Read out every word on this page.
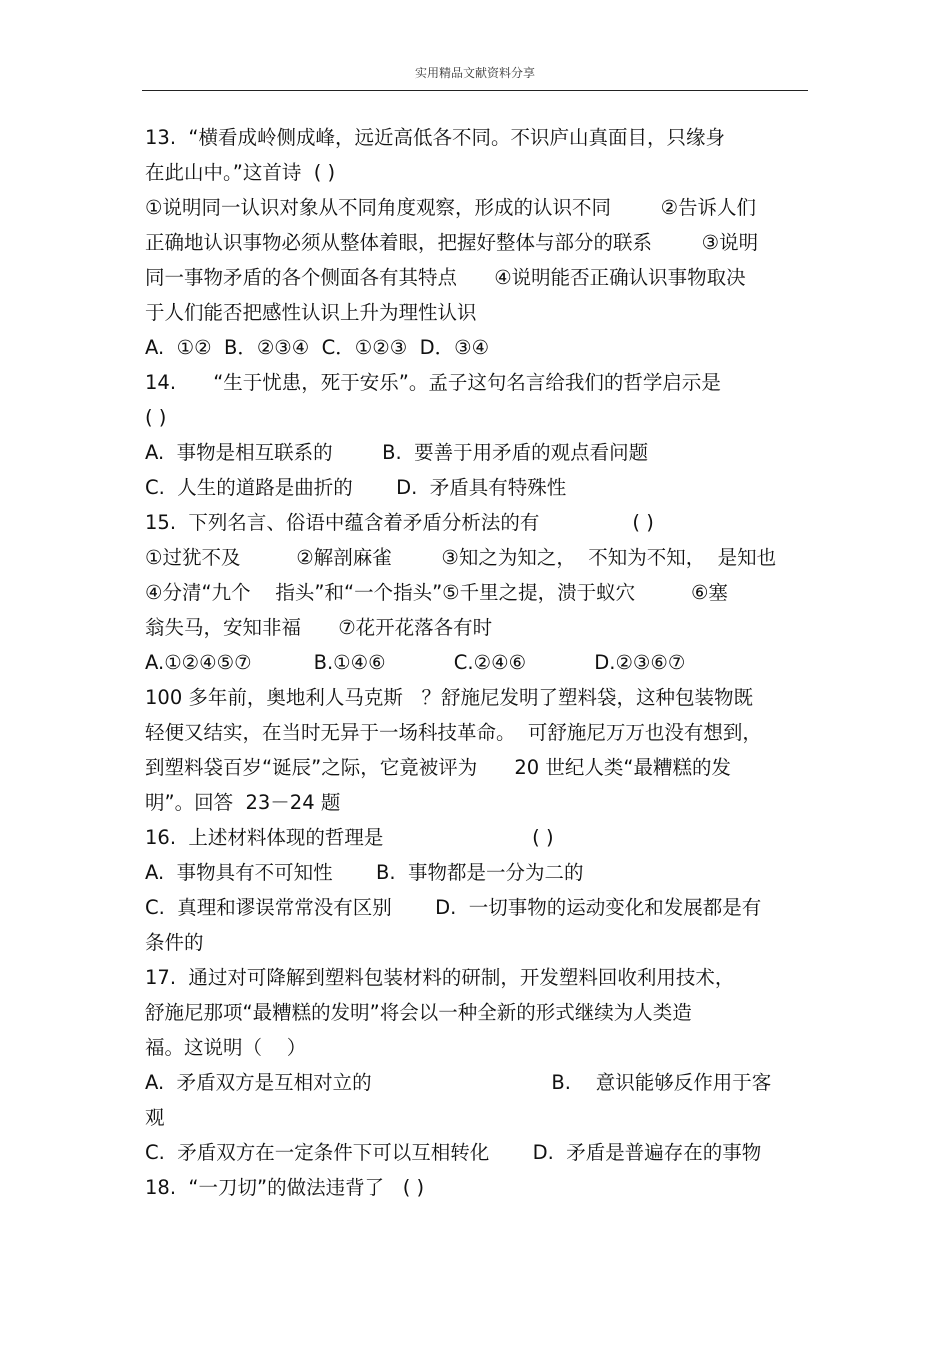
实用精品文献资料分享
13.  “横看成岭侧成峰，远近高低各不同。不识庐山真面目，只缘身
在此山中。”这首诗  ( )
①说明同一认识对象从不同角度观察，形成的认识不同        ②告诉人们
正确地认识事物必须从整体着眼，把握好整体与部分的联系        ③说明
同一事物矛盾的各个侧面各有其特点      ④说明能否正确认识事物取决
于人们能否把感性认识上升为理性认识
A.  ①②  B．②③④  C．①②③  D．③④
14.      “生于忧患，死于安乐”。孟子这句名言给我们的哲学启示是
( )
A.  事物是相互联系的        B.  要善于用矛盾的观点看问题
C.  人生的道路是曲折的       D.  矛盾具有特殊性
15.  下列名言、俗语中蕴含着矛盾分析法的有               ( )
①过犹不及         ②解剖麻雀        ③知之为知之，  不知为不知，  是知也
④分清“九个    指头”和“一个指头”⑤千里之提，溃于蚁穴         ⑥塞
翁失马，安知非福      ⑦花开花落各有时
A.①②④⑤⑦          B.①④⑥           C.②④⑥           D.②③⑥⑦
100 多年前，奥地利人马克斯   ？舒施尼发明了塑料袋，这种包装物既
轻便又结实，在当时无异于一场科技革命。  可舒施尼万万也没有想到，
到塑料袋百岁“诞辰”之际，它竟被评为      20 世纪人类“最糟糕的发
明”。回答  23－24 题
16.  上述材料体现的哲理是                        ( )
A.  事物具有不可知性       B.  事物都是一分为二的
C.  真理和谬误常常没有区别       D.  一切事物的运动变化和发展都是有
条件的
17.  通过对可降解到塑料包装材料的研制，开发塑料回收利用技术，
舒施尼那项“最糟糕的发明”将会以一种全新的形式继续为人类造
福。这说明（    ）
A.  矛盾双方是互相对立的                             B.    意识能够反作用于客
观
C.  矛盾双方在一定条件下可以互相转化       D.  矛盾是普遍存在的事物
18.  “一刀切”的做法违背了   ( )
